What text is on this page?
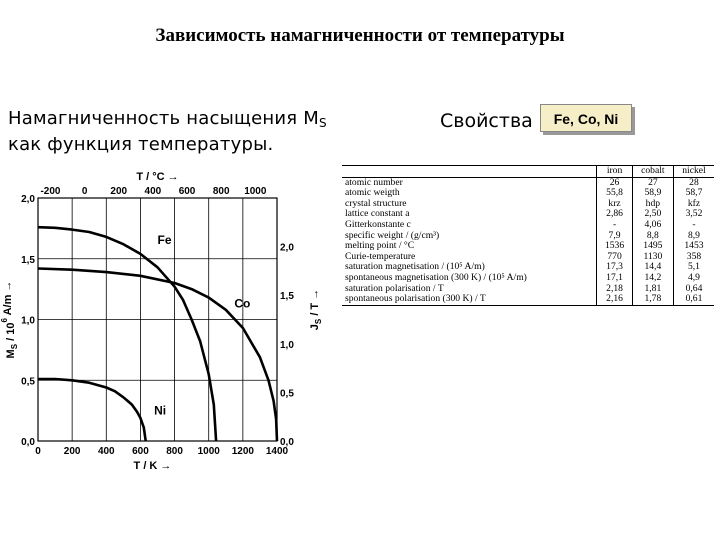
Зависимость намагниченности от температуры
Намагниченность насыщения $M_S$
как функция температуры.
Свойства	Fe, Co, Ni
0 200 400 600 800 1000 1200 1400
T / K →
-200 0 200 400 600 800 1000
T / °C →
0,0
0,5
1,0
1,5
2,0
0,0
0,5
1,0
1,5
2,0
$M_S / 10^6$ A/m →
$J_S$ / T →
Fe
Co
Ni
	iron	cobalt	nickel
atomic number	26	27	28
atomic weigth	55,8	58,9	58,7
crystal structure	krz	hdp	kfz
lattice constant a	2,86	2,50	3,52
Gitterkonstante c	-	4,06	-
specific weight / (g/cm³)	7,9	8,8	8,9
melting point / °C	1536	1495	1453
Curie-temperature	770	1130	358
saturation magnetisation / (10⁵ A/m)	17,3	14,4	5,1
spontaneous magnetisation (300 K) / (10⁵ A/m)	17,1	14,2	4,9
saturation polarisation / T	2,18	1,81	0,64
spontaneous polarisation (300 K) / T	2,16	1,78	0,61
